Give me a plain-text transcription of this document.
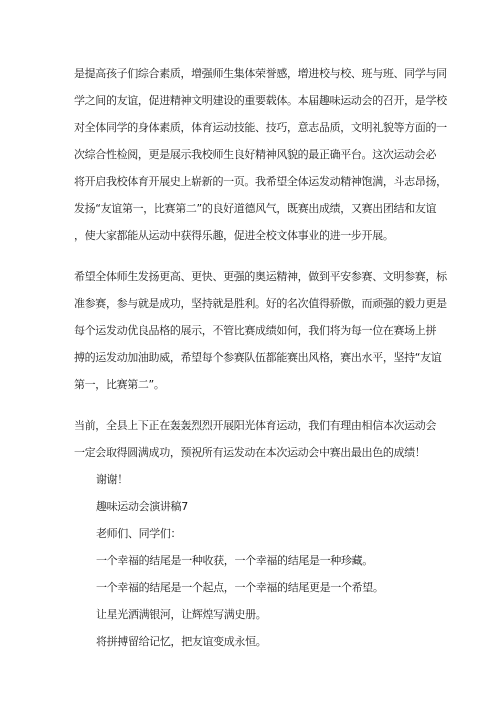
是提高孩子们综合素质，增强师生集体荣誉感，增进校与校、班与班、同学与同
学之间的友谊，促进精神文明建设的重要载体。本届趣味运动会的召开，是学校
对全体同学的身体素质，体育运动技能、技巧，意志品质，文明礼貌等方面的一
次综合性检阅，更是展示我校师生良好精神风貌的最正确平台。这次运动会必
将开启我校体育开展史上崭新的一页。我希望全体运发动精神饱满，斗志昂扬，
发扬“友谊第一，比赛第二”的良好道德风气，既赛出成绩，又赛出团结和友谊
，使大家都能从运动中获得乐趣，促进全校文体事业的进一步开展。
希望全体师生发扬更高、更快、更强的奥运精神，做到平安参赛、文明参赛，标
准参赛，参与就是成功，坚持就是胜利。好的名次值得骄傲，而顽强的毅力更是
每个运发动优良品格的展示，不管比赛成绩如何，我们将为每一位在赛场上拼
搏的运发动加油助威，希望每个参赛队伍都能赛出风格，赛出水平，坚持“友谊
第一，比赛第二”。
当前，全县上下正在轰轰烈烈开展阳光体育运动，我们有理由相信本次运动会
一定会取得圆满成功，预祝所有运发动在本次运动会中赛出最出色的成绩！
谢谢！
趣味运动会演讲稿7
老师们、同学们：
一个幸福的结尾是一种收获，一个幸福的结尾是一种珍藏。
一个幸福的结尾是一个起点，一个幸福的结尾更是一个希望。
让星光洒满银河，让辉煌写满史册。
将拼搏留给记忆，把友谊变成永恒。
